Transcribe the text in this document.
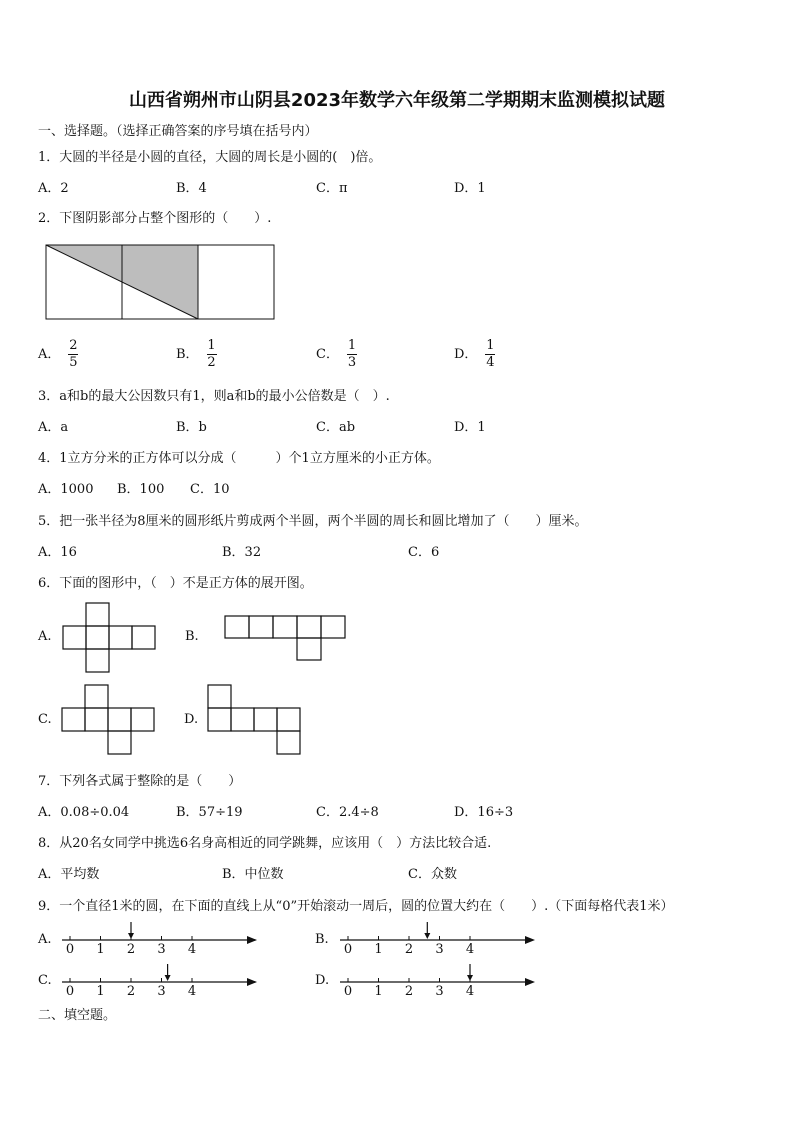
山西省朔州市山阴县2023年数学六年级第二学期期末监测模拟试题
一、选择题。（选择正确答案的序号填在括号内）
1．大圆的半径是小圆的直径，大圆的周长是小圆的(　)倍。
A．2	B．4	C．π	D．1
2．下图阴影部分占整个图形的（　　）.
A． $\frac{2}{5}$	B． $\frac{1}{2}$	C． $\frac{1}{3}$	D． $\frac{1}{4}$
3．a和b的最大公因数只有1，则a和b的最小公倍数是（　）.
A．a	B．b	C．ab	D．1
4．1立方分米的正方体可以分成（　　　）个1立方厘米的小正方体。
A．1000 B．100 C．10
5．把一张半径为8厘米的圆形纸片剪成两个半圆，两个半圆的周长和圆比增加了（　　）厘米。
A．16	B．32	C．6
6．下面的图形中，（　）不是正方体的展开图。
A.	B.
C.	D.
7．下列各式属于整除的是（　　）
A．0.08÷0.04	B．57÷19	C．2.4÷8	D．16÷3
8．从20名女同学中挑选6名身高相近的同学跳舞，应该用（　）方法比较合适.
A．平均数	B．中位数	C．众数
9．一个直径1米的圆，在下面的直线上从“0”开始滚动一周后，圆的位置大约在（　　）.（下面每格代表1米）
A.
0 1 2 3 4
B.
0 1 2 3 4
C.
0 1 2 3 4
D.
0 1 2 3 4
二、填空题。
